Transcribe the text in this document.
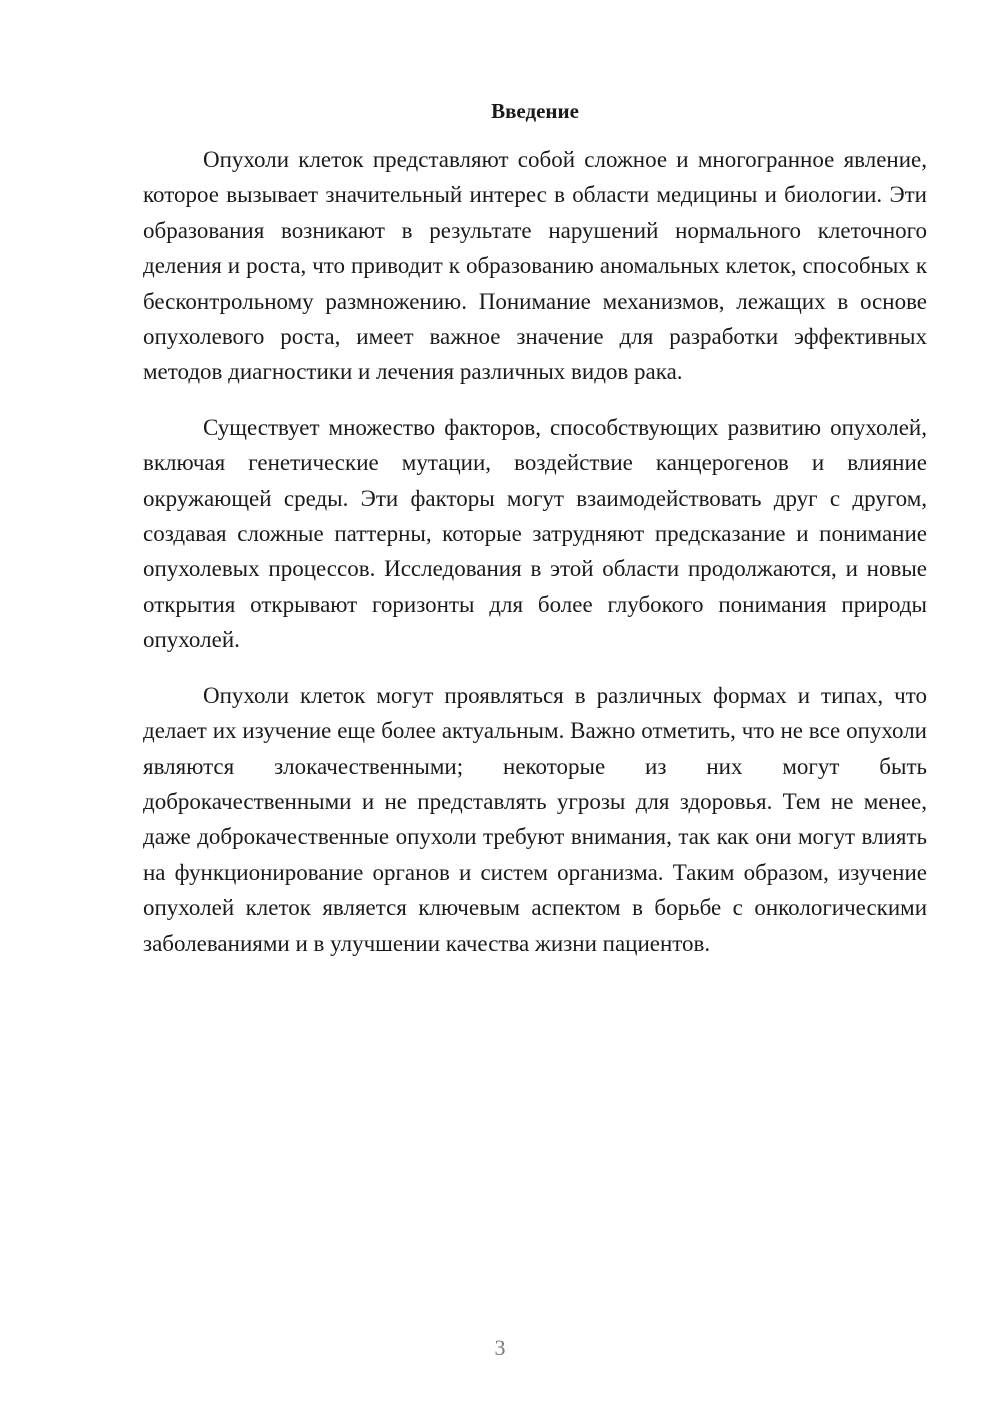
Введение

Опухоли клеток представляют собой сложное и многогранное явление, которое вызывает значительный интерес в области медицины и биологии. Эти образования возникают в результате нарушений нормального клеточного деления и роста, что приводит к образованию аномальных клеток, способных к бесконтрольному размножению. Понимание механизмов, лежащих в основе опухолевого роста, имеет важное значение для разработки эффективных методов диагностики и лечения различных видов рака.

Существует множество факторов, способствующих развитию опухолей, включая генетические мутации, воздействие канцерогенов и влияние окружающей среды. Эти факторы могут взаимодействовать друг с другом, создавая сложные паттерны, которые затрудняют предсказание и понимание опухолевых процессов. Исследования в этой области продолжаются, и новые открытия открывают горизонты для более глубокого понимания природы опухолей.

Опухоли клеток могут проявляться в различных формах и типах, что делает их изучение еще более актуальным. Важно отметить, что не все опухоли являются злокачественными; некоторые из них могут быть доброкачественными и не представлять угрозы для здоровья. Тем не менее, даже доброкачественные опухоли требуют внимания, так как они могут влиять на функционирование органов и систем организма. Таким образом, изучение опухолей клеток является ключевым аспектом в борьбе с онкологическими заболеваниями и в улучшении качества жизни пациентов.

3
